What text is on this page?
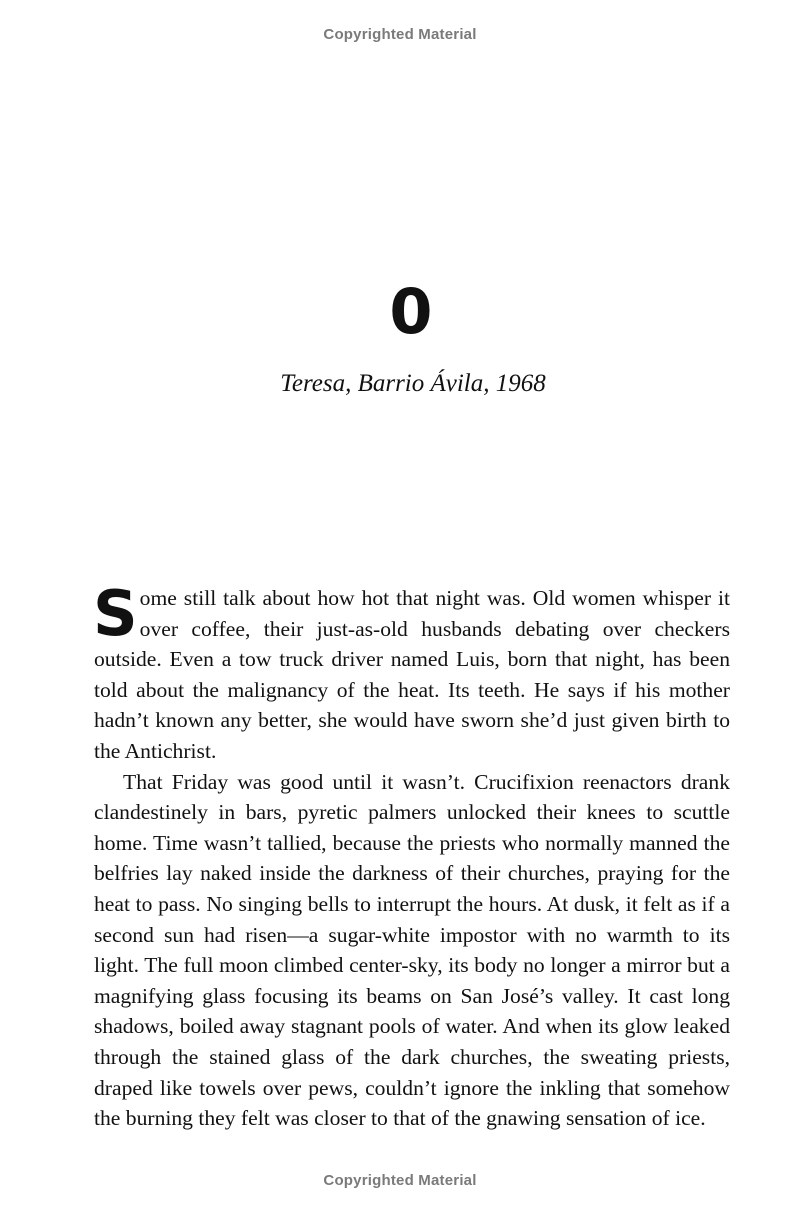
Copyrighted Material
0
Teresa, Barrio Ávila, 1968

Some still talk about how hot that night was. Old women whisper it over coffee, their just-as-old husbands debating over checkers outside. Even a tow truck driver named Luis, born that night, has been told about the malignancy of the heat. Its teeth. He says if his mother hadn’t known any better, she would have sworn she’d just given birth to the Antichrist.

That Friday was good until it wasn’t. Crucifixion reenactors drank clandestinely in bars, pyretic palmers unlocked their knees to scuttle home. Time wasn’t tallied, because the priests who normally manned the belfries lay naked inside the darkness of their churches, praying for the heat to pass. No singing bells to interrupt the hours. At dusk, it felt as if a second sun had risen—a sugar-white impostor with no warmth to its light. The full moon climbed center-sky, its body no longer a mirror but a magnifying glass focusing its beams on San José’s valley. It cast long shadows, boiled away stagnant pools of water. And when its glow leaked through the stained glass of the dark churches, the sweating priests, draped like towels over pews, couldn’t ignore the inkling that somehow the burning they felt was closer to that of the gnawing sensation of ice.

Copyrighted Material
